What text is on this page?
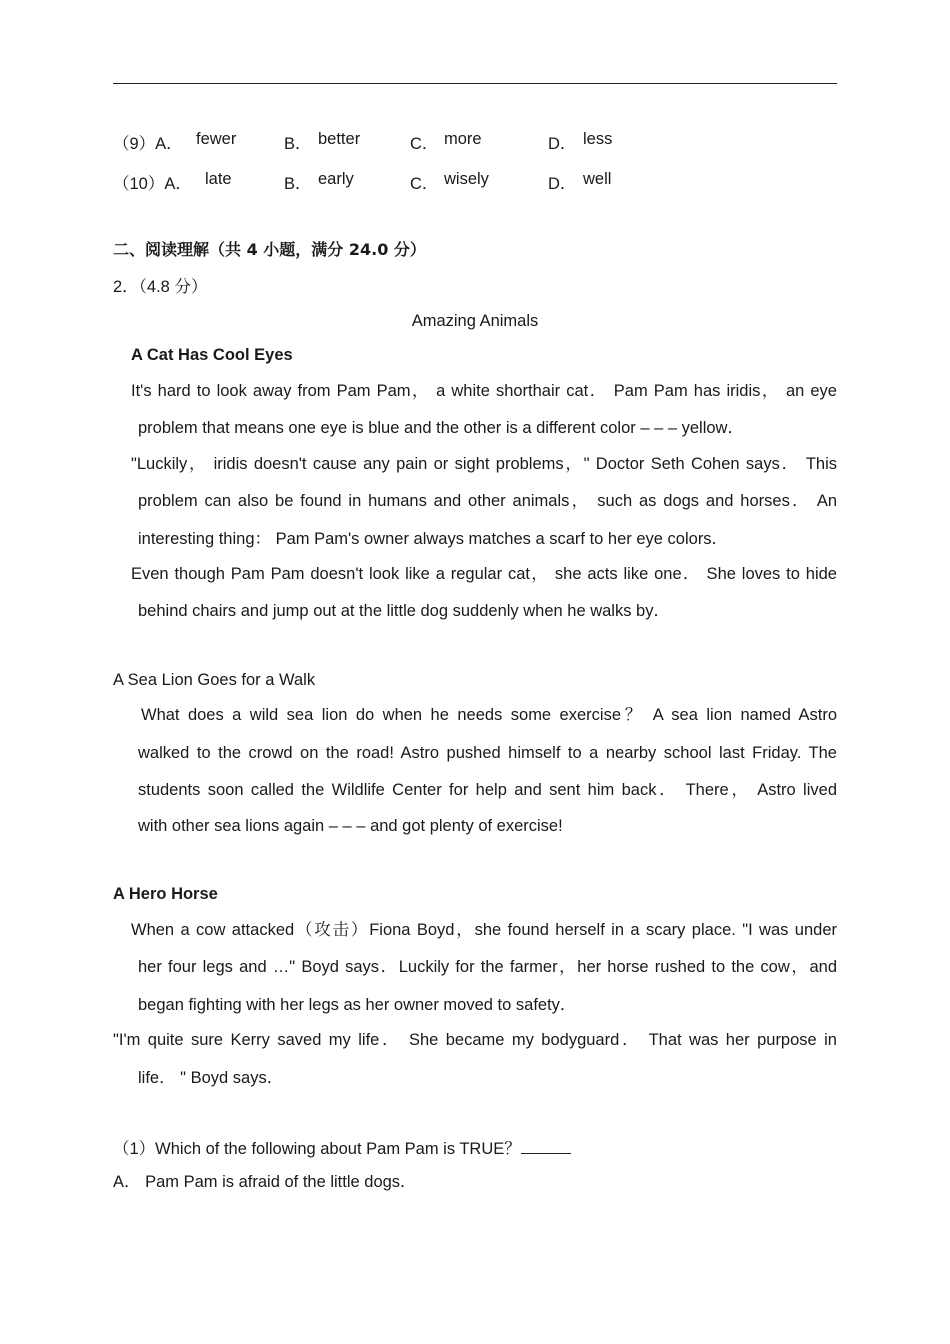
（9）A． fewer	B． better	C． more	D． less
（10）A． late	B． early	C． wisely	D． well
二、阅读理解（共 4 小题，满分 24.0 分）
2．（4.8 分）
Amazing Animals
A Cat Has Cool Eyes
It's hard to look away from Pam Pam， a white shorthair cat． Pam Pam has iridis， an eye
problem that means one eye is blue and the other is a different color – – – yellow．
"Luckily， iridis doesn't cause any pain or sight problems，" Doctor Seth Cohen says． This
problem can also be found in humans and other animals， such as dogs and horses． An
interesting thing： Pam Pam's owner always matches a scarf to her eye colors．
Even though Pam Pam doesn't look like a regular cat， she acts like one． She loves to hide
behind chairs and jump out at the little dog suddenly when he walks by．
A Sea Lion Goes for a Walk
What does a wild sea lion do when he needs some exercise？ A sea lion named Astro
walked to the crowd on the road! Astro pushed himself to a nearby school last Friday. The
students soon called the Wildlife Center for help and sent him back． There， Astro lived
with other sea lions again – – – and got plenty of exercise!
A Hero Horse
When a cow attacked（攻击）Fiona Boyd，she found herself in a scary place. "I was under
her four legs and …" Boyd says．Luckily for the farmer，her horse rushed to the cow，and
began fighting with her legs as her owner moved to safety．
"I'm quite sure Kerry saved my life． She became my bodyguard． That was her purpose in
life． " Boyd says．
（1）Which of the following about Pam Pam is TRUE？
A． Pam Pam is afraid of the little dogs．
